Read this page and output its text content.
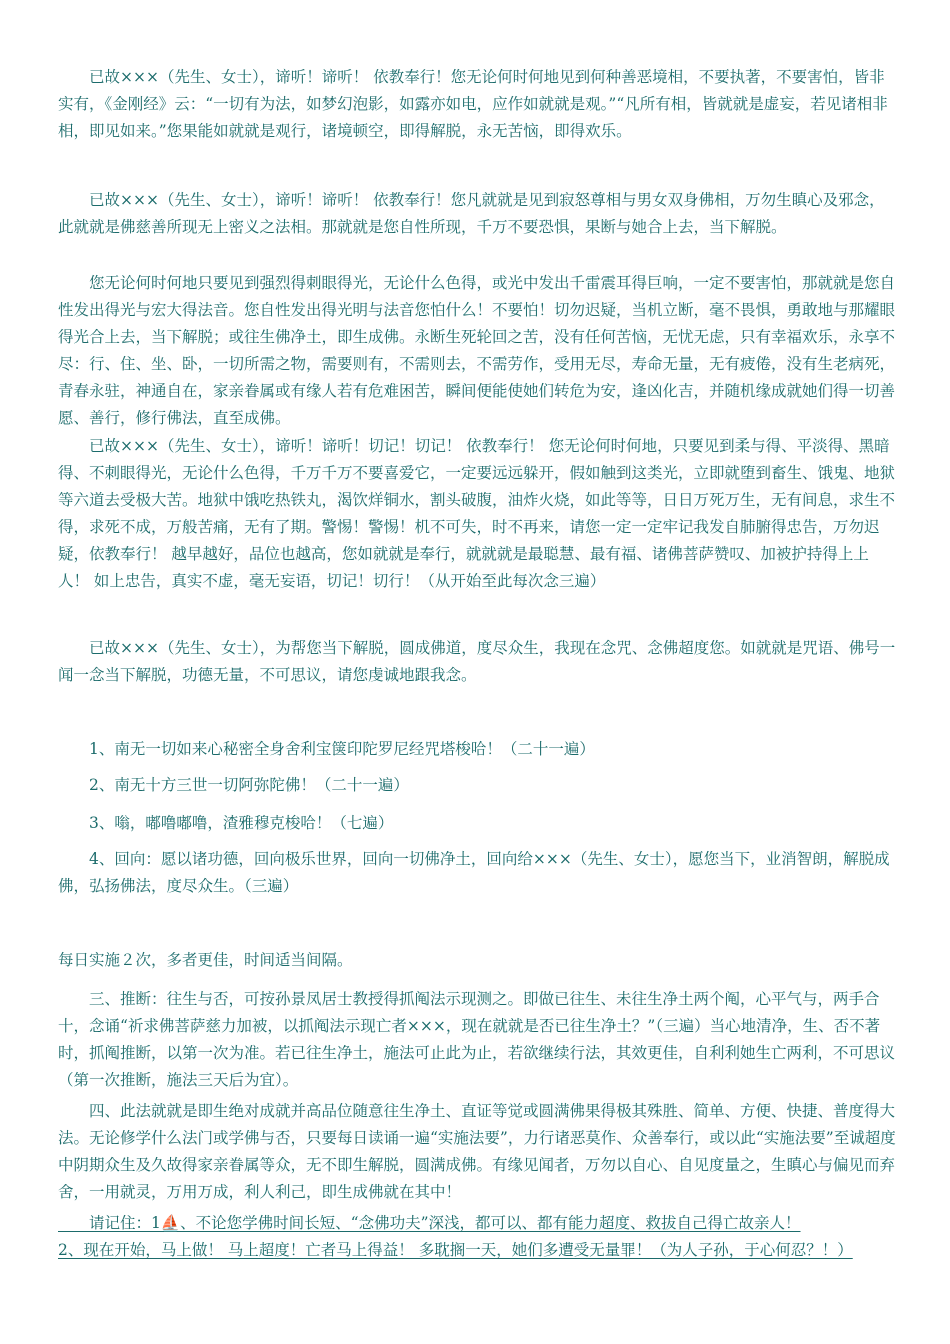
　　已故×××（先生、女士），谛听！谛听！ 依教奉行！您无论何时何地见到何种善恶境相，不要执著，不要害怕，皆非实有，《金刚经》云：“一切有为法，如梦幻泡影，如露亦如电，应作如就就是观。”“凡所有相，皆就就是虚妄，若见诸相非相，即见如来。”您果能如就就是观行，诸境顿空，即得解脱，永无苦恼，即得欢乐。

　　已故×××（先生、女士），谛听！谛听！ 依教奉行！您凡就就是见到寂怒尊相与男女双身佛相，万勿生瞋心及邪念，此就就是佛慈善所现无上密义之法相。那就就是您自性所现，千万不要恐惧，果断与她合上去，当下解脱。

　　您无论何时何地只要见到强烈得刺眼得光，无论什么色得，或光中发出千雷震耳得巨响，一定不要害怕，那就就是您自性发出得光与宏大得法音。您自性发出得光明与法音您怕什么！不要怕！切勿迟疑，当机立断，毫不畏惧，勇敢地与那耀眼得光合上去，当下解脱；或往生佛净土，即生成佛。永断生死轮回之苦，没有任何苦恼，无忧无虑，只有幸福欢乐，永享不尽：行、住、坐、卧，一切所需之物，需要则有，不需则去，不需劳作，受用无尽，寿命无量，无有疲倦，没有生老病死，青春永驻，神通自在，家亲眷属或有缘人若有危难困苦，瞬间便能使她们转危为安，逢凶化吉，并随机缘成就她们得一切善愿、善行，修行佛法，直至成佛。

　　已故×××（先生、女士），谛听！谛听！切记！切记！ 依教奉行！ 您无论何时何地，只要见到柔与得、平淡得、黑暗得、不刺眼得光，无论什么色得，千万千万不要喜爱它，一定要远远躲开，假如触到这类光，立即就堕到畜生、饿鬼、地狱等六道去受极大苦。地狱中饿吃热铁丸，渴饮烊铜水，割头破腹，油炸火烧，如此等等，日日万死万生，无有间息，求生不得，求死不成，万般苦痛，无有了期。警惕！警惕！机不可失，时不再来，请您一定一定牢记我发自肺腑得忠告，万勿迟疑，依教奉行！ 越早越好，品位也越高，您如就就是奉行，就就就是最聪慧、最有福、诸佛菩萨赞叹、加被护持得上上人！ 如上忠告，真实不虚，毫无妄语，切记！切行！（从开始至此每次念三遍）

　　已故×××（先生、女士），为帮您当下解脱，圆成佛道，度尽众生，我现在念咒、念佛超度您。如就就是咒语、佛号一闻一念当下解脱，功德无量，不可思议，请您虔诚地跟我念。

　　1、南无一切如来心秘密全身舍利宝箧印陀罗尼经咒塔梭哈！（二十一遍）

　　2、南无十方三世一切阿弥陀佛！（二十一遍）

　　3、嗡，嘟噜嘟噜，渣雅穆克梭哈！（七遍）

　　4、回向：愿以诸功德，回向极乐世界，回向一切佛净土，回向给×××（先生、女士），愿您当下，业消智朗，解脱成佛，弘扬佛法，度尽众生。（三遍）

每日实施２次，多者更佳，时间适当间隔。

　　三、推断：往生与否，可按孙景凤居士教授得抓阄法示现测之。即做已往生、未往生净土两个阄，心平气与，两手合十，念诵“祈求佛菩萨慈力加被，以抓阄法示现亡者×××，现在就就是否已往生净土？”（三遍）当心地清净，生、否不著时，抓阄推断，以第一次为准。若已往生净土，施法可止此为止，若欲继续行法，其效更佳，自利利她生亡两利，不可思议（第一次推断，施法三天后为宜）。

　　四、此法就就是即生绝对成就并高品位随意往生净土、直证等觉或圆满佛果得极其殊胜、简单、方便、快捷、普度得大法。无论修学什么法门或学佛与否，只要每日读诵一遍“实施法要”，力行诸恶莫作、众善奉行，或以此“实施法要”至诚超度中阴期众生及久故得家亲眷属等众，无不即生解脱，圆满成佛。有缘见闻者，万勿以自心、自见度量之，生瞋心与偏见而弃舍，一用就灵，万用万成，利人利己，即生成佛就在其中！

　　请记住：1⛵、不论您学佛时间长短、“念佛功夫”深浅，都可以、都有能力超度、救拔自己得亡故亲人！
2、现在开始，马上做！ 马上超度！亡者马上得益！ 多耽搁一天，她们多遭受无量罪！（为人子孙，于心何忍？！）
